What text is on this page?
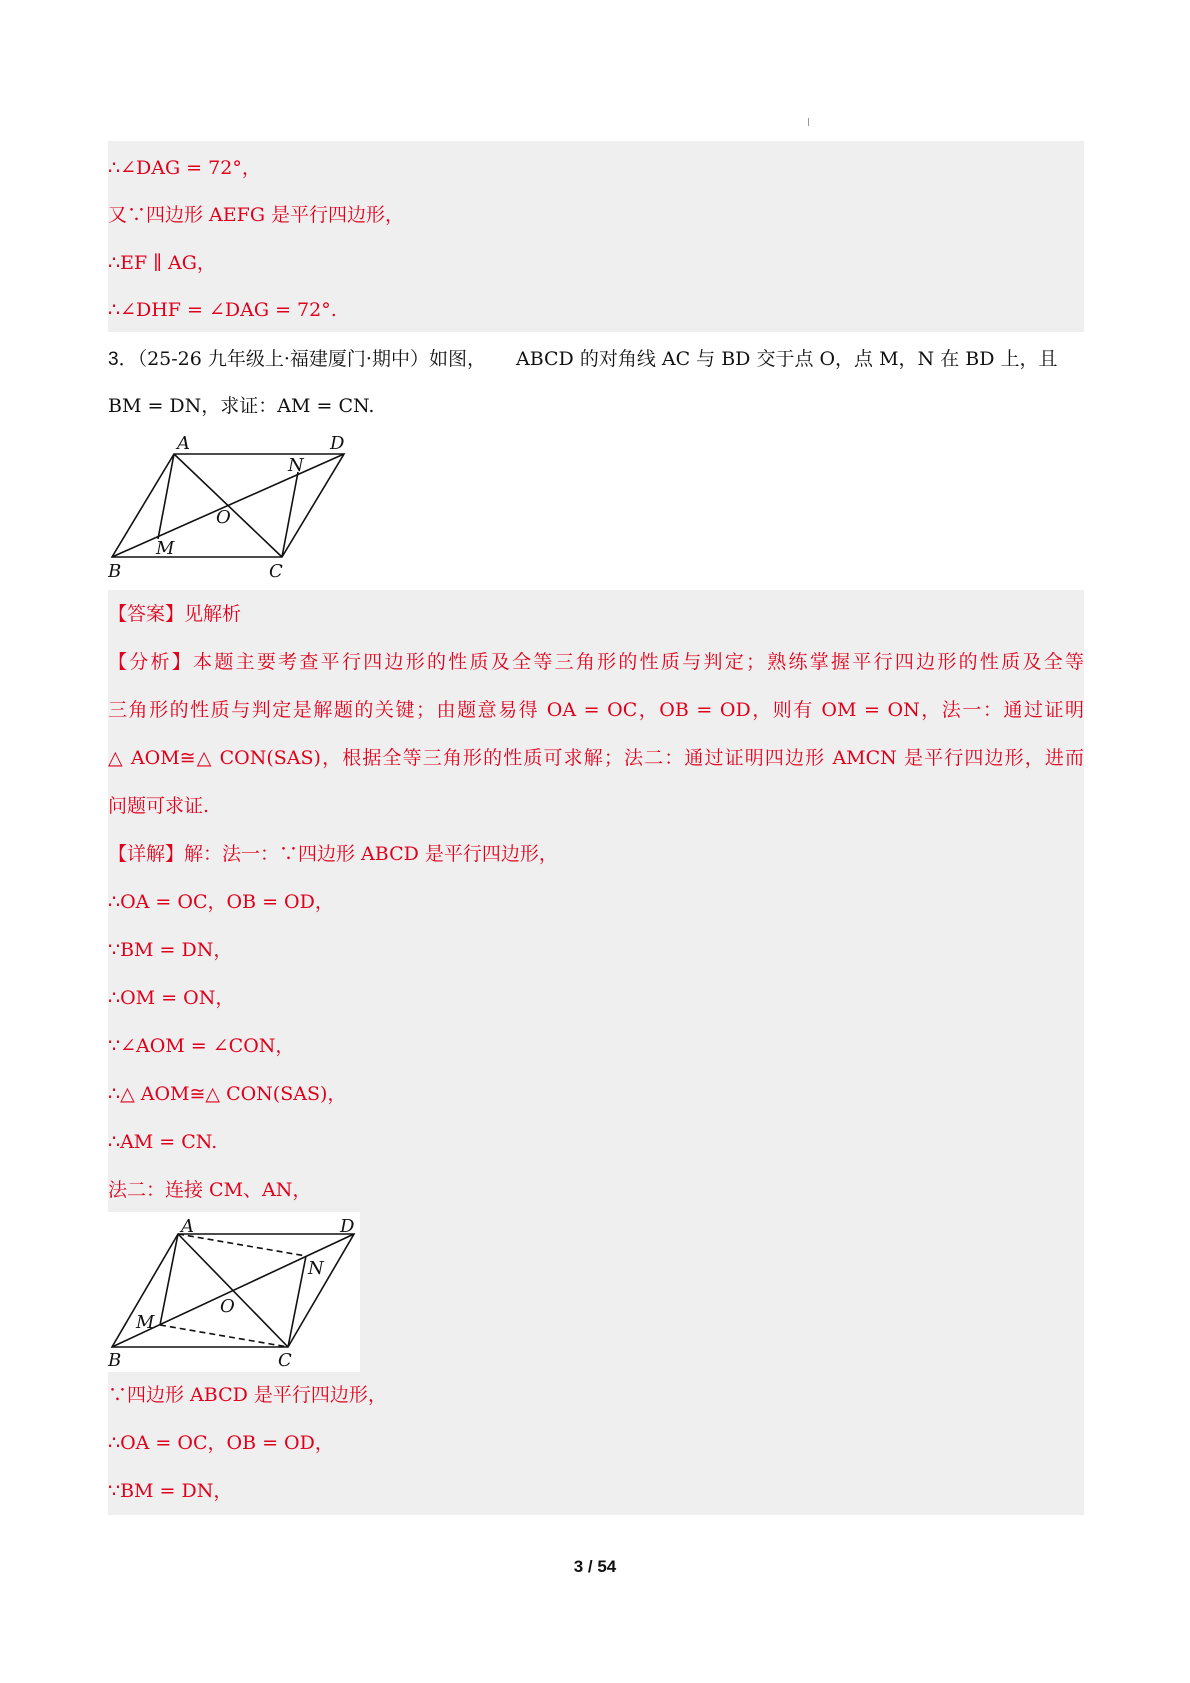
∴∠DAG = 72°，
又∵四边形 AEFG 是平行四边形，
∴EF ∥ AG，
∴∠DHF = ∠DAG = 72°.
3．（25-26 九年级上·福建厦门·期中）如图， ABCD 的对角线 AC 与 BD 交于点 O，点 M，N 在 BD 上，且
BM = DN，求证：AM = CN.
A	D
N
O
M
B	C
【答案】见解析
【分析】本题主要考查平行四边形的性质及全等三角形的性质与判定；熟练掌握平行四边形的性质及全等
三角形的性质与判定是解题的关键；由题意易得 OA = OC，OB = OD，则有 OM = ON，法一：通过证明
△ AOM≅△ CON(SAS)，根据全等三角形的性质可求解；法二：通过证明四边形 AMCN 是平行四边形，进而
问题可求证.
【详解】解：法一：∵四边形 ABCD 是平行四边形，
∴OA = OC，OB = OD，
∵BM = DN，
∴OM = ON，
∵∠AOM = ∠CON，
∴△ AOM≅△ CON(SAS)，
∴AM = CN.
法二：连接 CM、AN，
A	D
N
O
M
B	C
∵四边形 ABCD 是平行四边形，
∴OA = OC，OB = OD，
∵BM = DN，
3 / 54
